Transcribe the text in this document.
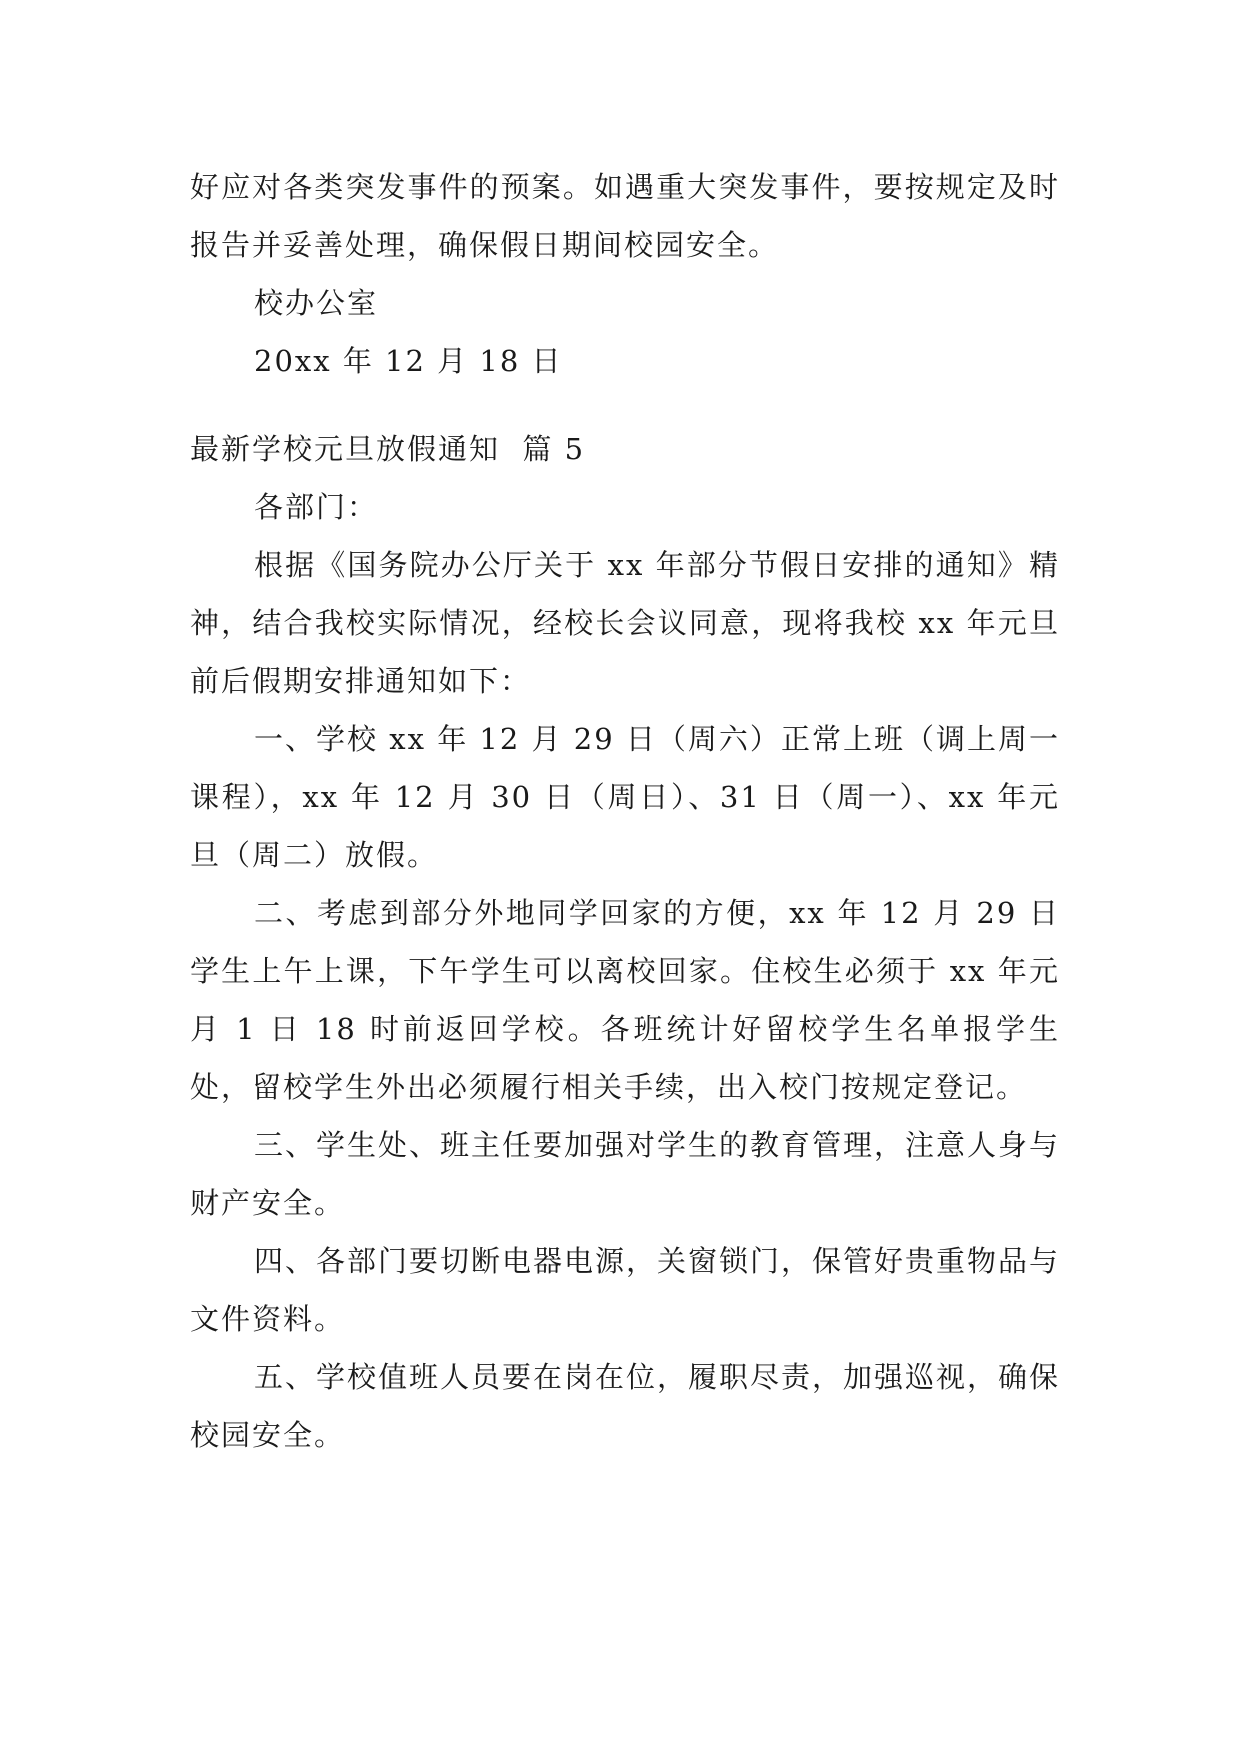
好应对各类突发事件的预案。如遇重大突发事件，要按规定及时报告并妥善处理，确保假日期间校园安全。

校办公室

20xx 年 12 月 18 日

最新学校元旦放假通知  篇 5

各部门：

根据《国务院办公厅关于 xx 年部分节假日安排的通知》精神，结合我校实际情况，经校长会议同意，现将我校 xx 年元旦前后假期安排通知如下：

一、学校 xx 年 12 月 29 日（周六）正常上班（调上周一课程），xx 年 12 月 30 日（周日）、31 日（周一）、xx 年元旦（周二）放假。

二、考虑到部分外地同学回家的方便，xx 年 12 月 29 日学生上午上课，下午学生可以离校回家。住校生必须于 xx 年元月 1 日 18 时前返回学校。各班统计好留校学生名单报学生处，留校学生外出必须履行相关手续，出入校门按规定登记。

三、学生处、班主任要加强对学生的教育管理，注意人身与财产安全。

四、各部门要切断电器电源，关窗锁门，保管好贵重物品与文件资料。

五、学校值班人员要在岗在位，履职尽责，加强巡视，确保校园安全。
